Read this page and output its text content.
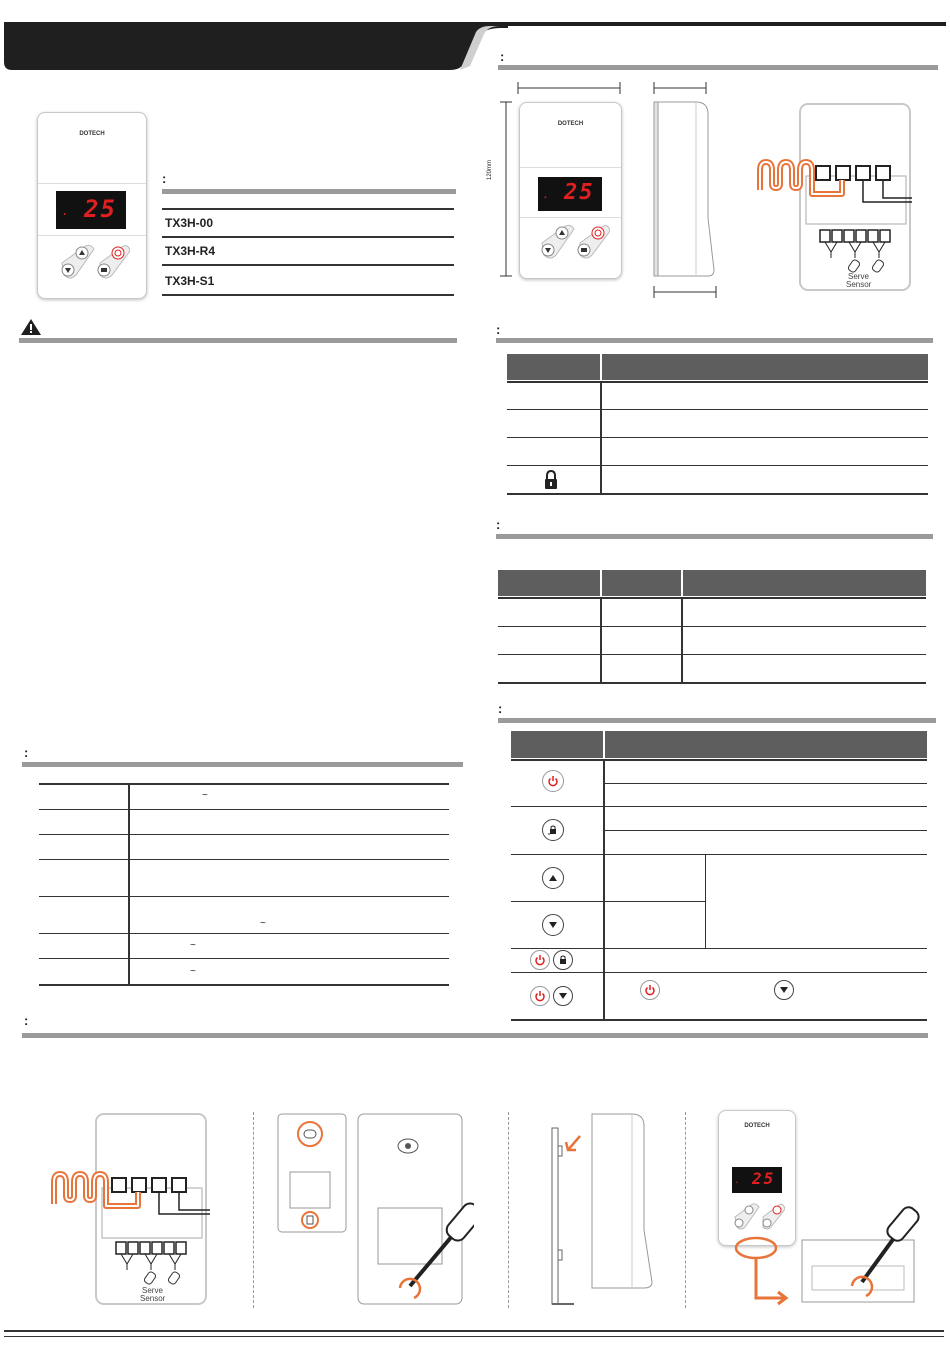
DOTECH
. 25
:
TX3H-00
TX3H-R4
TX3H-S1
:
~
~
~
~
:
:
120mm
DOTECH
. 25
Serve
Sensor
:
:
:
Serve
Sensor
DOTECH
. 25
